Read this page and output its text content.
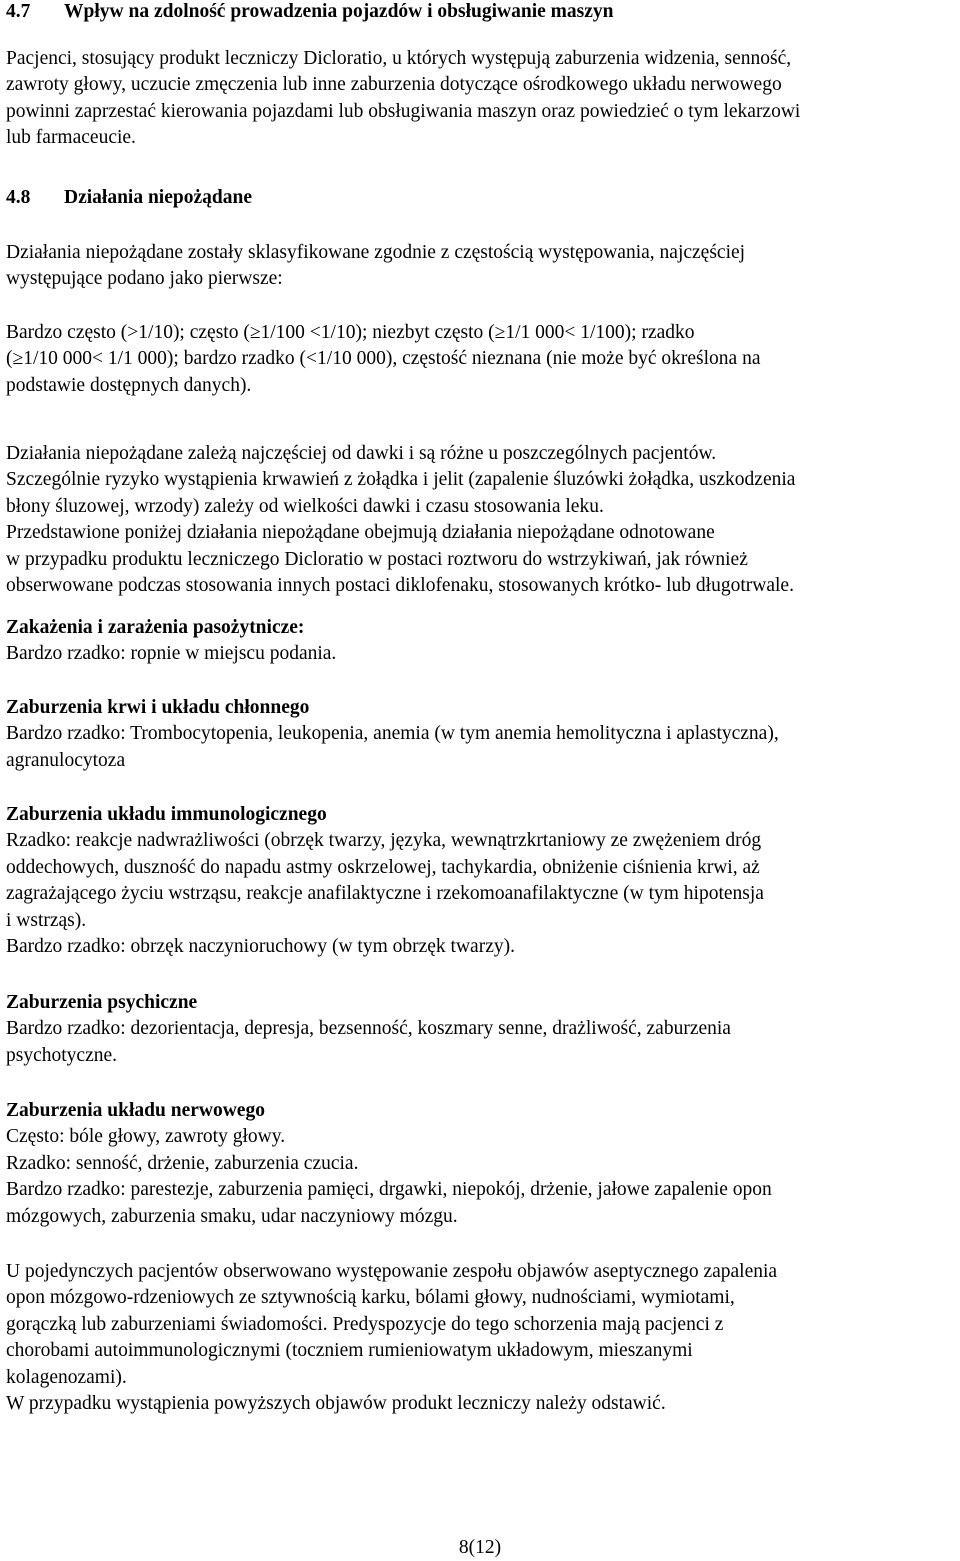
4.7	Wpływ na zdolność prowadzenia pojazdów i obsługiwanie maszyn

Pacjenci, stosujący produkt leczniczy Dicloratio, u których występują zaburzenia widzenia, senność,
zawroty głowy, uczucie zmęczenia lub inne zaburzenia dotyczące ośrodkowego układu nerwowego
powinni zaprzestać kierowania pojazdami lub obsługiwania maszyn oraz powiedzieć o tym lekarzowi
lub farmaceucie.

4.8	Działania niepożądane

Działania niepożądane zostały sklasyfikowane zgodnie z częstością występowania, najczęściej
występujące podano jako pierwsze:

Bardzo często (>1/10); często (≥1/100 <1/10); niezbyt często (≥1/1 000< 1/100); rzadko
(≥1/10 000< 1/1 000); bardzo rzadko (<1/10 000), częstość nieznana (nie może być określona na
podstawie dostępnych danych).

Działania niepożądane zależą najczęściej od dawki i są różne u poszczególnych pacjentów.
Szczególnie ryzyko wystąpienia krwawień z żołądka i jelit (zapalenie śluzówki żołądka, uszkodzenia
błony śluzowej, wrzody) zależy od wielkości dawki i czasu stosowania leku.
Przedstawione poniżej działania niepożądane obejmują działania niepożądane odnotowane
w przypadku produktu leczniczego Dicloratio w postaci roztworu do wstrzykiwań, jak również
obserwowane podczas stosowania innych postaci diklofenaku, stosowanych krótko- lub długotrwale.

Zakażenia i zarażenia pasożytnicze:
Bardzo rzadko: ropnie w miejscu podania.

Zaburzenia krwi i układu chłonnego
Bardzo rzadko: Trombocytopenia, leukopenia, anemia (w tym anemia hemolityczna i aplastyczna),
agranulocytoza

Zaburzenia układu immunologicznego
Rzadko: reakcje nadwrażliwości (obrzęk twarzy, języka, wewnątrzkrtaniowy ze zwężeniem dróg
oddechowych, duszność do napadu astmy oskrzelowej, tachykardia, obniżenie ciśnienia krwi, aż
zagrażającego życiu wstrząsu, reakcje anafilaktyczne i rzekomoanafilaktyczne (w tym hipotensja
i wstrząs).
Bardzo rzadko: obrzęk naczynioruchowy (w tym obrzęk twarzy).

Zaburzenia psychiczne
Bardzo rzadko: dezorientacja, depresja, bezsenność, koszmary senne, drażliwość, zaburzenia
psychotyczne.

Zaburzenia układu nerwowego
Często: bóle głowy, zawroty głowy.
Rzadko: senność, drżenie, zaburzenia czucia.
Bardzo rzadko: parestezje, zaburzenia pamięci, drgawki, niepokój, drżenie, jałowe zapalenie opon
mózgowych, zaburzenia smaku, udar naczyniowy mózgu.

U pojedynczych pacjentów obserwowano występowanie zespołu objawów aseptycznego zapalenia
opon mózgowo-rdzeniowych ze sztywnością karku, bólami głowy, nudnościami, wymiotami,
gorączką lub zaburzeniami świadomości. Predyspozycje do tego schorzenia mają pacjenci z
chorobami autoimmunologicznymi (toczniem rumieniowatym układowym, mieszanymi
kolagenozami).
W przypadku wystąpienia powyższych objawów produkt leczniczy należy odstawić.

8(12)
